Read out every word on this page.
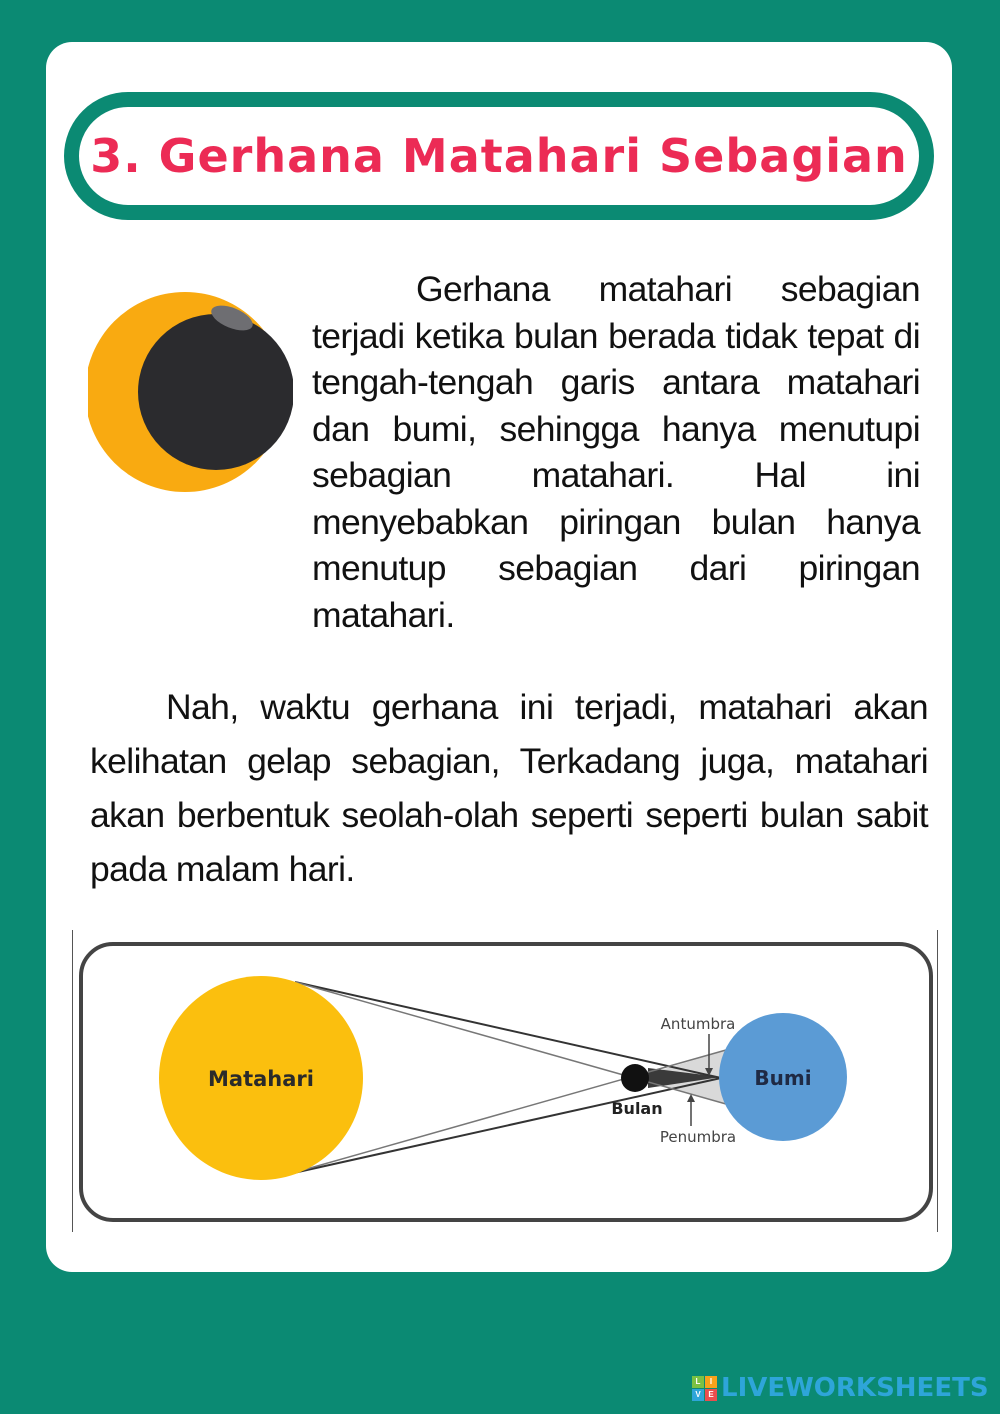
3. Gerhana Matahari Sebagian

Gerhana matahari sebagian terjadi ketika bulan berada tidak tepat di tengah-tengah garis antara matahari dan bumi, sehingga hanya menutupi sebagian matahari. Hal ini menyebabkan piringan bulan hanya menutup sebagian dari piringan matahari.

Nah, waktu gerhana ini terjadi, matahari akan kelihatan gelap sebagian, Terkadang juga, matahari akan berbentuk seolah-olah seperti seperti bulan sabit pada malam hari.

Matahari	Bumi
Bulan
Antumbra
Penumbra
L	I
V E LIVEWORKSHEETS
